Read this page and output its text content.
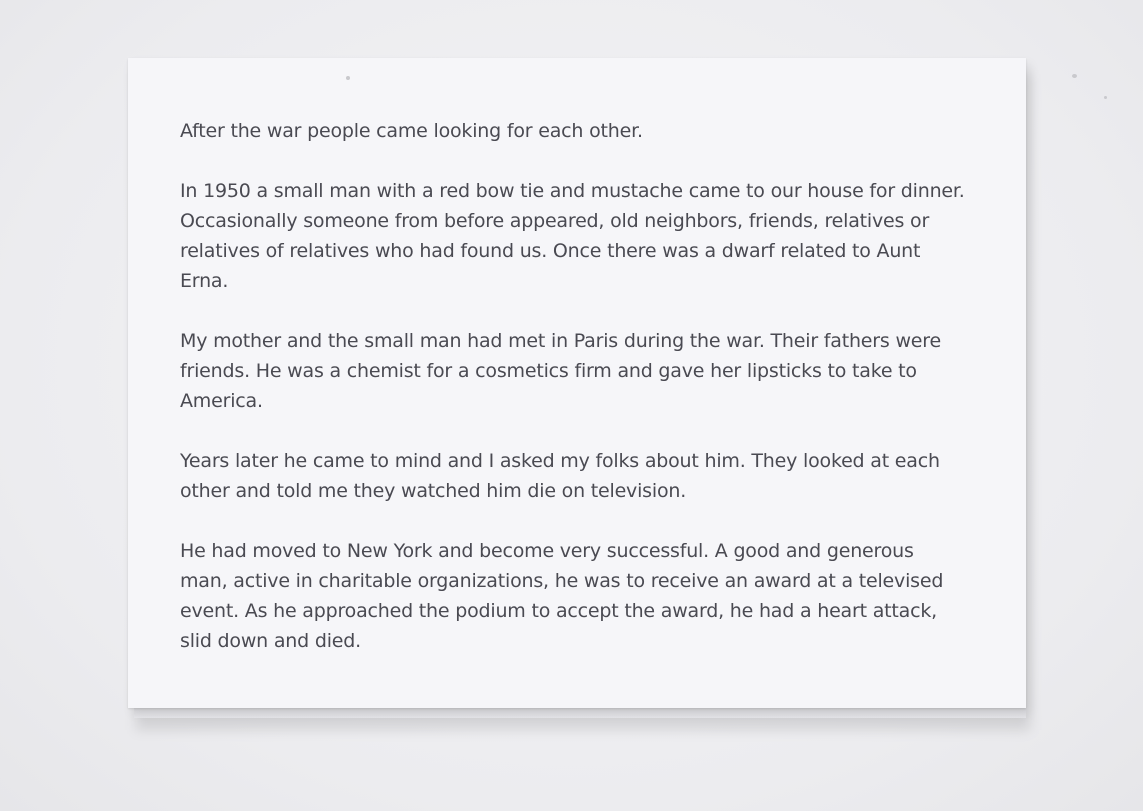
After the war people came looking for each other.

In 1950 a small man with a red bow tie and mustache came to our house for dinner.
Occasionally someone from before appeared, old neighbors, friends, relatives or
relatives of relatives who had found us. Once there was a dwarf related to Aunt
Erna.

My mother and the small man had met in Paris during the war. Their fathers were
friends. He was a chemist for a cosmetics firm and gave her lipsticks to take to
America.

Years later he came to mind and I asked my folks about him. They looked at each
other and told me they watched him die on television.

He had moved to New York and become very successful. A good and generous
man, active in charitable organizations, he was to receive an award at a televised
event. As he approached the podium to accept the award, he had a heart attack,
slid down and died.
